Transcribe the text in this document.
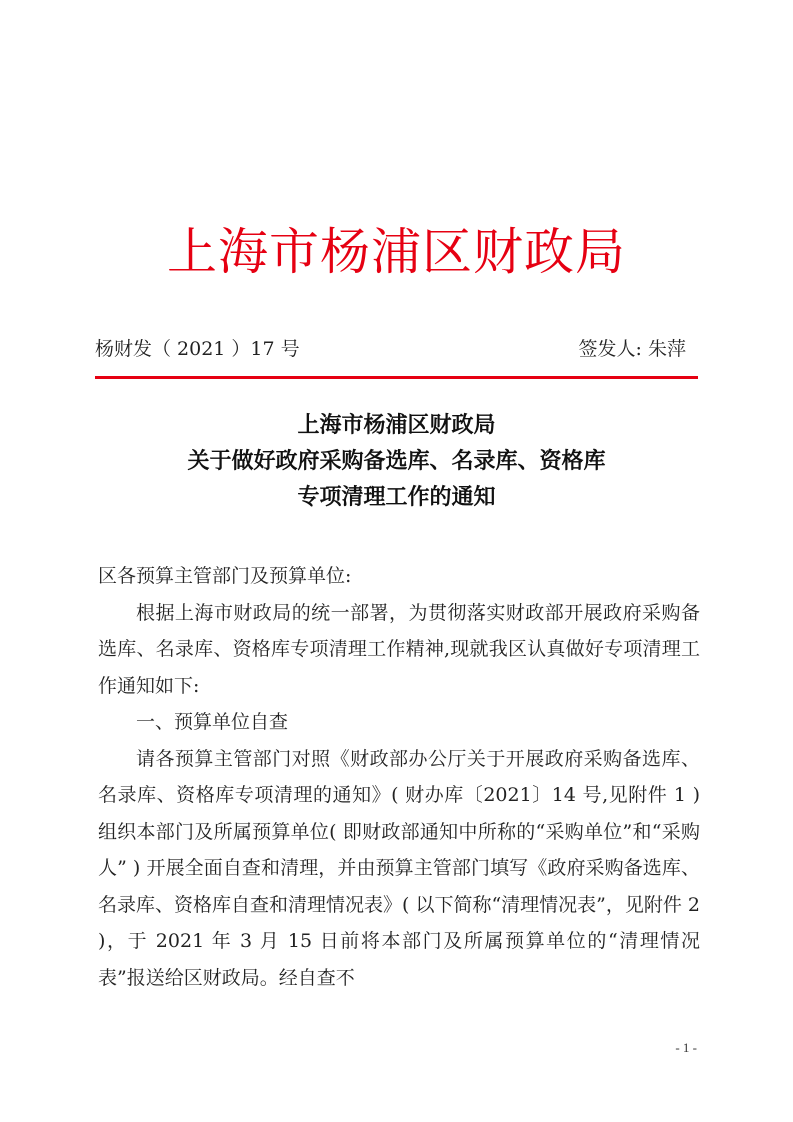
上海市杨浦区财政局
杨财发（ 2021 ）17 号	签发人: 朱萍
上海市杨浦区财政局
关于做好政府采购备选库、名录库、资格库
专项清理工作的通知

区各预算主管部门及预算单位:

根据上海市财政局的统一部署，为贯彻落实财政部开展政府采购备选库、名录库、资格库专项清理工作精神,现就我区认真做好专项清理工作通知如下:

一、预算单位自查

请各预算主管部门对照《财政部办公厅关于开展政府采购备选库、名录库、资格库专项清理的通知》( 财办库〔2021〕14 号,见附件 1 )组织本部门及所属预算单位( 即财政部通知中所称的“采购单位”和“采购人” ) 开展全面自查和清理，并由预算主管部门填写《政府采购备选库、名录库、资格库自查和清理情况表》( 以下简称“清理情况表”，见附件 2 )，于 2021 年 3 月 15 日前将本部门及所属预算单位的“清理情况表”报送给区财政局。经自查不

- 1 -
